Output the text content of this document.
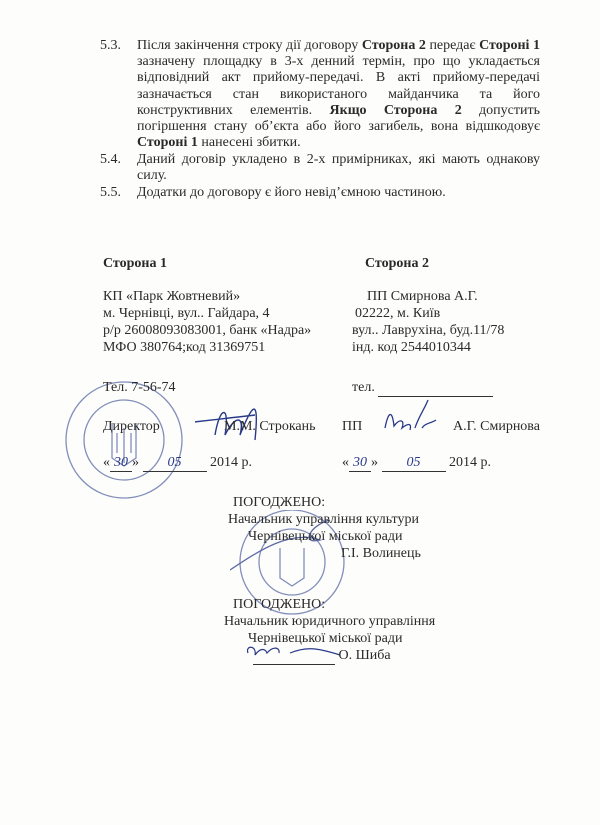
5.3. Після закінчення строку дії договору Сторона 2 передає Стороні 1 зазначену площадку в 3-х денний термін, про що укладається відповідний акт прийому-передачі. В акті прийому-передачі зазначається стан використаного майданчика та його конструктивних елементів. Якщо Сторона 2 допустить погіршення стану об’єкта або його загибель, вона відшкодовує Стороні 1 нанесені збитки.
5.4. Даний договір укладено в 2-х примірниках, які мають однакову силу.
5.5. Додатки до договору є його невід’ємною частиною.
Сторона 1
КП «Парк Жовтневий»
м. Чернівці, вул.. Гайдара, 4
р/р 26008093083001, банк «Надра»
МФО 380764;код 31369751
Тел. 7-56-74
Директор	М.М. Строкань
« 30 » 05 2014 р.
Сторона 2
ПП Смирнова А.Г.
02222, м. Київ
вул.. Лаврухіна, буд.11/78
інд. код 2544010344
тел.
ПП	А.Г. Смирнова
« 30 » 05 2014 р.
ПОГОДЖЕНО:
Начальник управління культури
Чернівецької міської ради
Г.І. Волинець
ПОГОДЖЕНО:
Начальник юридичного управління
Чернівецької міської ради
О. Шиба
